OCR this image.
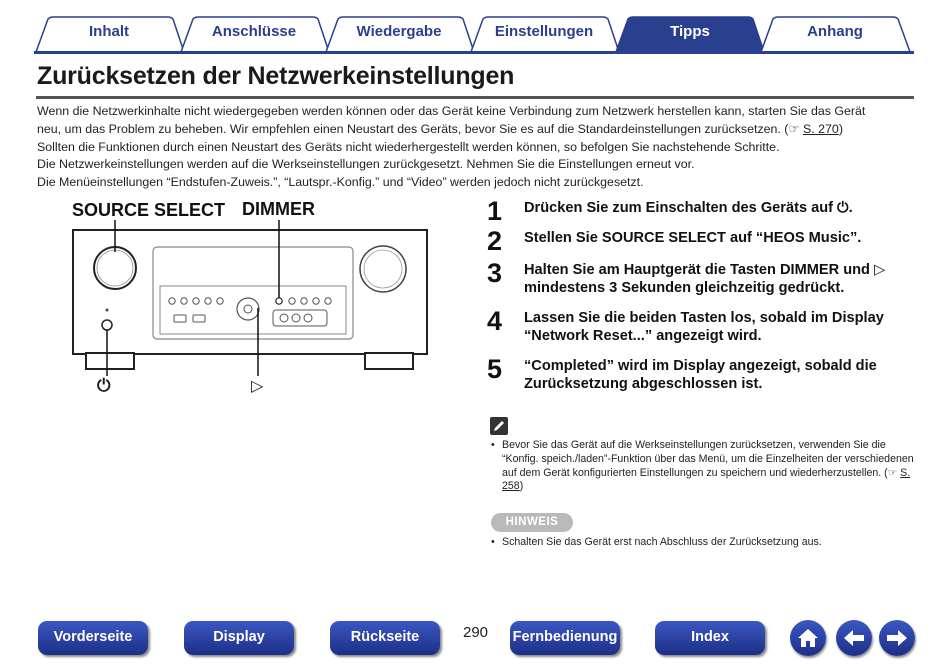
Inhalt	Anschlüsse	Wiedergabe	Einstellungen	Tipps	Anhang
Zurücksetzen der Netzwerkeinstellungen

Wenn die Netzwerkinhalte nicht wiedergegeben werden können oder das Gerät keine Verbindung zum Netzwerk herstellen kann, starten Sie das Gerät

neu, um das Problem zu beheben. Wir empfehlen einen Neustart des Geräts, bevor Sie es auf die Standardeinstellungen zurücksetzen. (☞ S. 270)

Sollten die Funktionen durch einen Neustart des Geräts nicht wiederhergestellt werden können, so befolgen Sie nachstehende Schritte.

Die Netzwerkeinstellungen werden auf die Werkseinstellungen zurückgesetzt. Nehmen Sie die Einstellungen erneut vor.

Die Menüeinstellungen “Endstufen-Zuweis.”, “Lautspr.-Konfig.” und “Video” werden jedoch nicht zurückgesetzt.

SOURCE SELECT DIMMER
⏻	▷
1 Drücken Sie zum Einschalten des Geräts auf ⏻.
2 Stellen Sie SOURCE SELECT auf “HEOS Music”.
3 Halten Sie am Hauptgerät die Tasten DIMMER und ▷ mindestens 3 Sekunden gleichzeitig gedrückt.
4 Lassen Sie die beiden Tasten los, sobald im Display “Network Reset...” angezeigt wird.
5 “Completed” wird im Display angezeigt, sobald die Zurücksetzung abgeschlossen ist.
• Bevor Sie das Gerät auf die Werkseinstellungen zurücksetzen, verwenden Sie die “Konfig. speich./laden”-Funktion über das Menü, um die Einzelheiten der verschiedenen auf dem Gerät konfigurierten Einstellungen zu speichern und wiederherzustellen. (☞ S. 258)
HINWEIS
• Schalten Sie das Gerät erst nach Abschluss der Zurücksetzung aus.
Vorderseite	Display	Rückseite	290 Fernbedienung	Index
